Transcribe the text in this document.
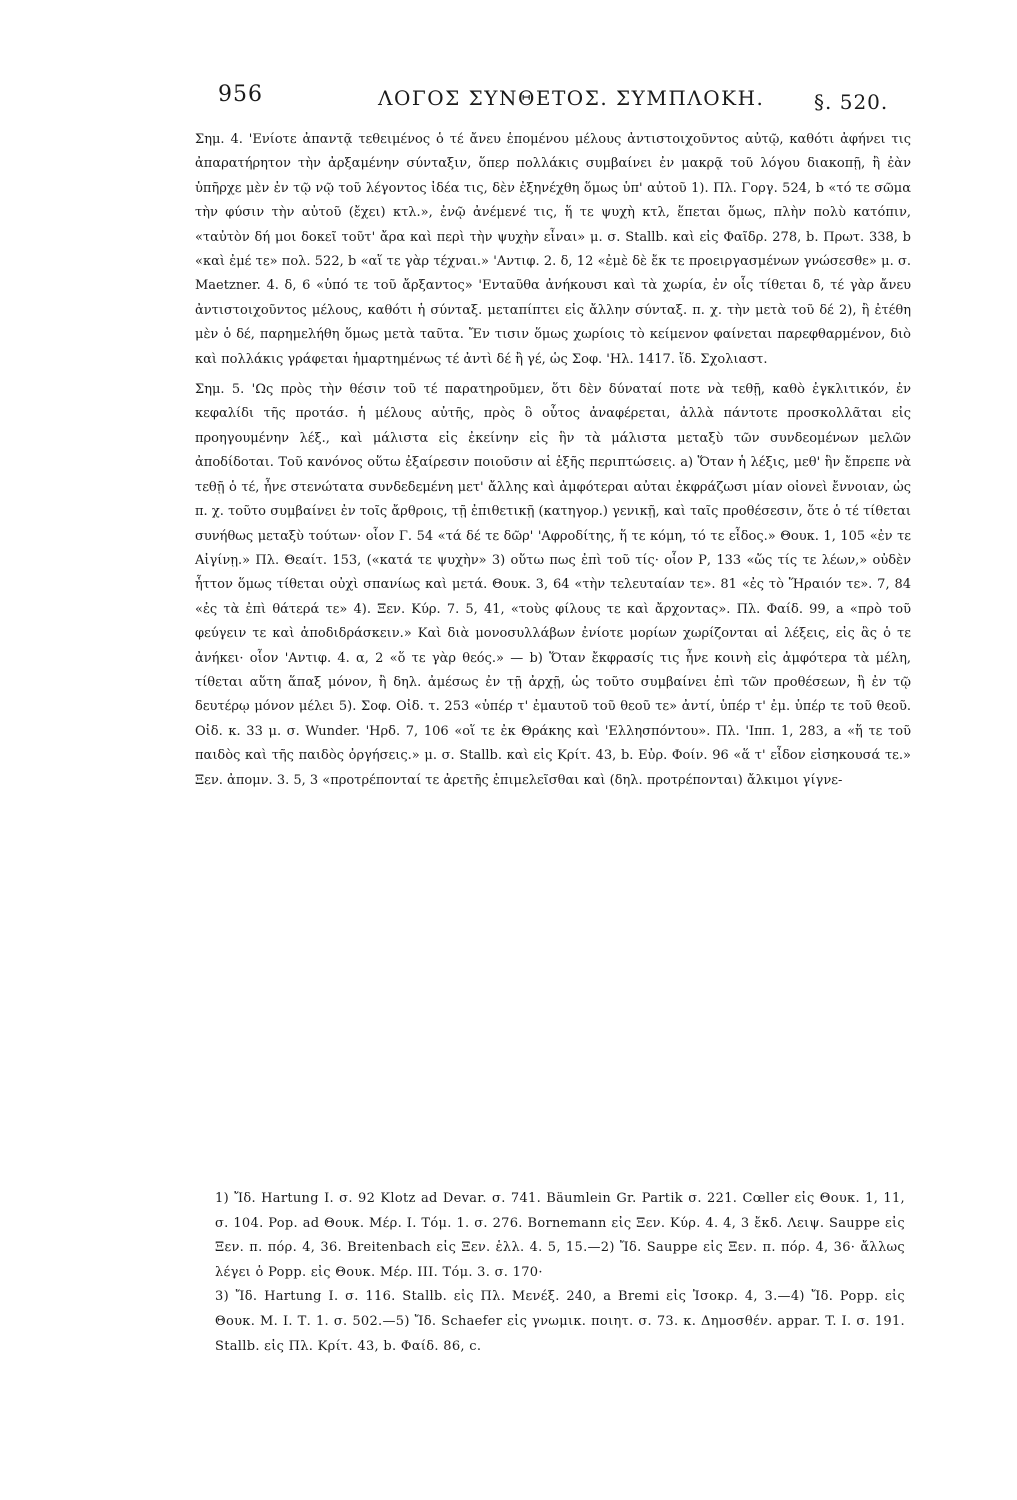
956	ΛΟΓΟΣ ΣΥΝΘΕΤΟΣ. ΣΥΜΠΛΟΚΗ. §. 520.

Σημ. 4. 'Ενίοτε ἀπαντᾷ τεθειμένος ὁ τέ ἄνευ ἑπομένου μέλους ἀντιστοιχοῦντος αὐτῷ, καθότι ἀφήνει τις ἀπαρατήρητον τὴν ἀρξαμένην σύνταξιν, ὅπερ πολλάκις συμβαίνει ἐν μακρᾷ τοῦ λόγου διακοπῇ, ἢ ἐὰν ὑπῆρχε μὲν ἐν τῷ νῷ τοῦ λέγοντος ἰδέα τις, δὲν ἐξηνέχθη ὅμως ὑπ' αὐτοῦ 1). Πλ. Γοργ. 524, b «τό τε σῶμα τὴν φύσιν τὴν αὐτοῦ (ἔχει) κτλ.», ἐνῷ ἀνέμενέ τις, ἥ τε ψυχὴ κτλ, ἕπεται ὅμως, πλὴν πολὺ κατόπιν, «ταὐτὸν δή μοι δοκεῖ τοῦτ' ἄρα καὶ περὶ τὴν ψυχὴν εἶναι» μ. σ. Stallb. καὶ εἰς Φαῖδρ. 278, b. Πρωτ. 338, b «καὶ ἐμέ τε» πολ. 522, b «αἵ τε γὰρ τέχναι.» 'Αντιφ. 2. δ, 12 «ἐμὲ δὲ ἔκ τε προειργασμένων γνώσεσθε» μ. σ. Maetzner. 4. δ, 6 «ὑπό τε τοῦ ἄρξαντος» 'Ενταῦθα ἀνήκουσι καὶ τὰ χωρία, ἐν οἷς τίθεται δ, τέ γὰρ ἄνευ ἀντιστοιχοῦντος μέλους, καθότι ἡ σύνταξ. μεταπίπτει εἰς ἄλλην σύνταξ. π. χ. τὴν μετὰ τοῦ δέ 2), ἢ ἐτέθη μὲν ὁ δέ, παρημελήθη ὅμως μετὰ ταῦτα. Ἔν τισιν ὅμως χωρίοις τὸ κείμενον φαίνεται παρεφθαρμένον, διὸ καὶ πολλάκις γράφεται ἡμαρτημένως τέ ἀντὶ δέ ἢ γέ, ὡς Σοφ. 'Ηλ. 1417. ἴδ. Σχολιαστ.

Σημ. 5. 'Ως πρὸς τὴν θέσιν τοῦ τέ παρατηροῦμεν, ὅτι δὲν δύναταί ποτε νὰ τεθῇ, καθὸ ἐγκλιτικόν, ἐν κεφαλίδι τῆς προτάσ. ἡ μέλους αὐτῆς, πρὸς ὃ οὗτος ἀναφέρεται, ἀλλὰ πάντοτε προσκολλᾶται εἰς προηγουμένην λέξ., καὶ μάλιστα εἰς ἐκείνην εἰς ἣν τὰ μάλιστα μεταξὺ τῶν συνδεομένων μελῶν ἀποδίδοται. Τοῦ κανόνος οὕτω ἐξαίρεσιν ποιοῦσιν αἱ ἑξῆς περιπτώσεις. a) Ὅταν ἡ λέξις, μεθ' ἣν ἔπρεπε νὰ τεθῇ ὁ τέ, ἦνε στενώτατα συνδεδεμένη μετ' ἄλλης καὶ ἀμφότεραι αὐται ἐκφράζωσι μίαν οἱονεὶ ἔννοιαν, ὡς π. χ. τοῦτο συμβαίνει ἐν τοῖς ἄρθροις, τῇ ἐπιθετικῇ (κατηγορ.) γενικῇ, καὶ ταῖς προθέσεσιν, ὅτε ὁ τέ τίθεται συνήθως μεταξὺ τούτων· οἷον Γ. 54 «τά δέ τε δῶρ' 'Αφροδίτης, ἥ τε κόμη, τό τε εἶδος.» Θουκ. 1, 105 «ἐν τε Αἰγίνῃ.» Πλ. Θεαίτ. 153, («κατά τε ψυχὴν» 3) οὕτω πως ἐπὶ τοῦ τίς· οἷον Ρ, 133 «ὥς τίς τε λέων,» οὐδὲν ἧττον ὅμως τίθεται οὐχὶ σπανίως καὶ μετά. Θουκ. 3, 64 «τὴν τελευταίαν τε». 81 «ἐς τὸ Ἥραιόν τε». 7, 84 «ἐς τὰ ἐπὶ θάτερά τε» 4). Ξεν. Κύρ. 7. 5, 41, «τοὺς φίλους τε καὶ ἄρχοντας». Πλ. Φαίδ. 99, a «πρὸ τοῦ φεύγειν τε καὶ ἀποδιδράσκειν.» Καὶ διὰ μονοσυλλάβων ἐνίοτε μορίων χωρίζονται αἱ λέξεις, εἰς ἃς ὁ τε ἀνήκει· οἷον 'Αντιφ. 4. α, 2 «ὅ τε γὰρ θεός.» — b) Ὅταν ἔκφρασίς τις ἦνε κοινὴ εἰς ἀμφότερα τὰ μέλη, τίθεται αὕτη ἅπαξ μόνον, ἢ δηλ. ἀμέσως ἐν τῇ ἀρχῇ, ὡς τοῦτο συμβαίνει ἐπὶ τῶν προθέσεων, ἢ ἐν τῷ δευτέρῳ μόνον μέλει 5). Σοφ. Οἰδ. τ. 253 «ὑπέρ τ' ἐμαυτοῦ τοῦ θεοῦ τε» ἀντί, ὑπέρ τ' ἐμ. ὑπέρ τε τοῦ θεοῦ. Οἰδ. κ. 33 μ. σ. Wunder. 'Ηρδ. 7, 106 «οἵ τε ἐκ Θράκης καὶ 'Ελλησπόντου». Πλ. 'Ιππ. 1, 283, a «ἥ τε τοῦ παιδὸς καὶ τῆς παιδὸς ὀργήσεις.» μ. σ. Stallb. καὶ εἰς Κρίτ. 43, b. Εὐρ. Φοίν. 96 «ἅ τ' εἶδον εἰσηκουσά τε.» Ξεν. ἀπομν. 3. 5, 3 «προτρέπονταί τε ἀρετῆς ἐπιμελεῖσθαι καὶ (δηλ. προτρέπονται) ἄλκιμοι γίγνε-

1) Ἴδ. Hartung I. σ. 92 Klotz ad Devar. σ. 741. Bäumlein Gr. Partik σ. 221. Cœller εἰς Θουκ. 1, 11, σ. 104. Pop. ad Θουκ. Μέρ. I. Τόμ. 1. σ. 276. Bornemann εἰς Ξεν. Κύρ. 4. 4, 3 ἔκδ. Λειψ. Sauppe εἰς Ξεν. π. πόρ. 4, 36. Breitenbach εἰς Ξεν. ἑλλ. 4. 5, 15.—2) Ἴδ. Sauppe εἰς Ξεν. π. πόρ. 4, 36· ἄλλως λέγει ὁ Popp. εἰς Θουκ. Μέρ. III. Τόμ. 3. σ. 170·

3) Ἴδ. Hartung I. σ. 116. Stallb. εἰς Πλ. Μενέξ. 240, a Bremi εἰς Ἰσοκρ. 4, 3.—4) Ἴδ. Popp. εἰς Θουκ. Μ. I. Τ. 1. σ. 502.—5) Ἴδ. Schaefer εἰς γνωμικ. ποιητ. σ. 73. κ. Δημοσθέν. appar. T. I. σ. 191. Stallb. εἰς Πλ. Κρίτ. 43, b. Φαίδ. 86, c.
